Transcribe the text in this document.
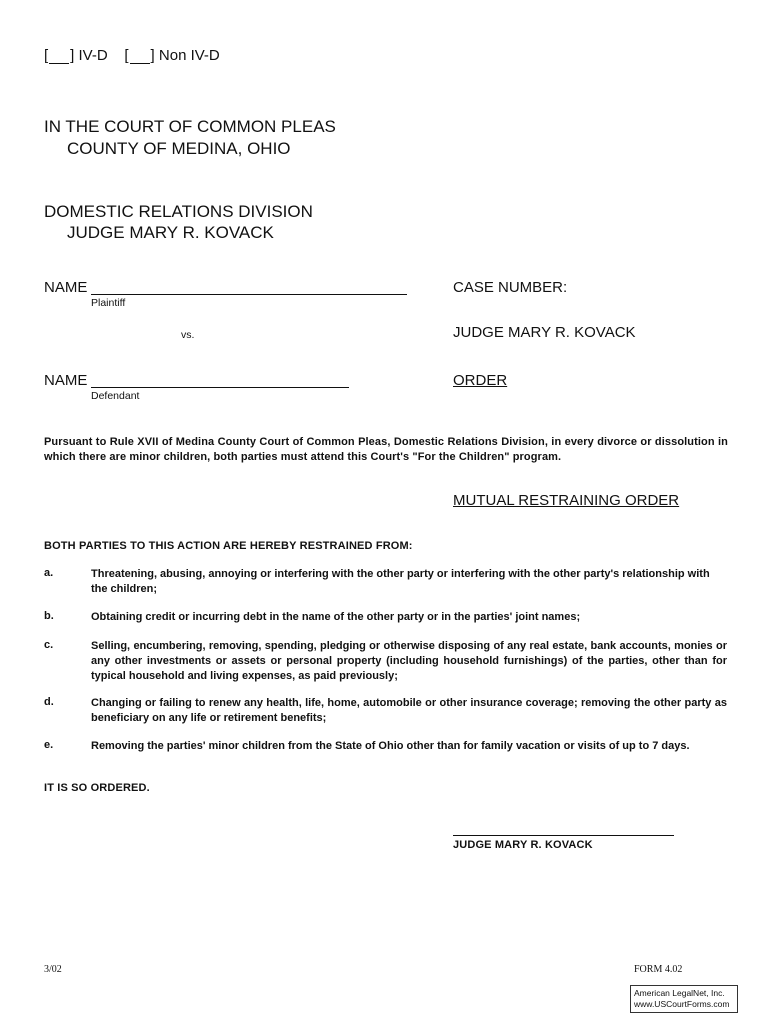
[ ] IV-D [ ] Non IV-D
IN THE COURT OF COMMON PLEAS
COUNTY OF MEDINA, OHIO
DOMESTIC RELATIONS DIVISION
JUDGE MARY R. KOVACK
NAME
Plaintiff
vs.
NAME
Defendant
CASE NUMBER:
JUDGE MARY R. KOVACK
ORDER
Pursuant to Rule XVII of Medina County Court of Common Pleas, Domestic Relations Division, in every divorce or dissolution in which there are minor children, both parties must attend this Court's "For the Children" program.
MUTUAL RESTRAINING ORDER
BOTH PARTIES TO THIS ACTION ARE HEREBY RESTRAINED FROM:
a.	Threatening, abusing, annoying or interfering with the other party or interfering with the other party's relationship with the children;
b.	Obtaining credit or incurring debt in the name of the other party or in the parties' joint names;
c.	Selling, encumbering, removing, spending, pledging or otherwise disposing of any real estate, bank accounts, monies or any other investments or assets or personal property (including household furnishings) of the parties, other than for typical household and living expenses, as paid previously;
d.	Changing or failing to renew any health, life, home, automobile or other insurance coverage; removing the other party as beneficiary on any life or retirement benefits;
e.	Removing the parties' minor children from the State of Ohio other than for family vacation or visits of up to 7 days.
IT IS SO ORDERED.
JUDGE MARY R. KOVACK
3/02	FORM 4.02
American LegalNet, Inc.
www.USCourtForms.com
